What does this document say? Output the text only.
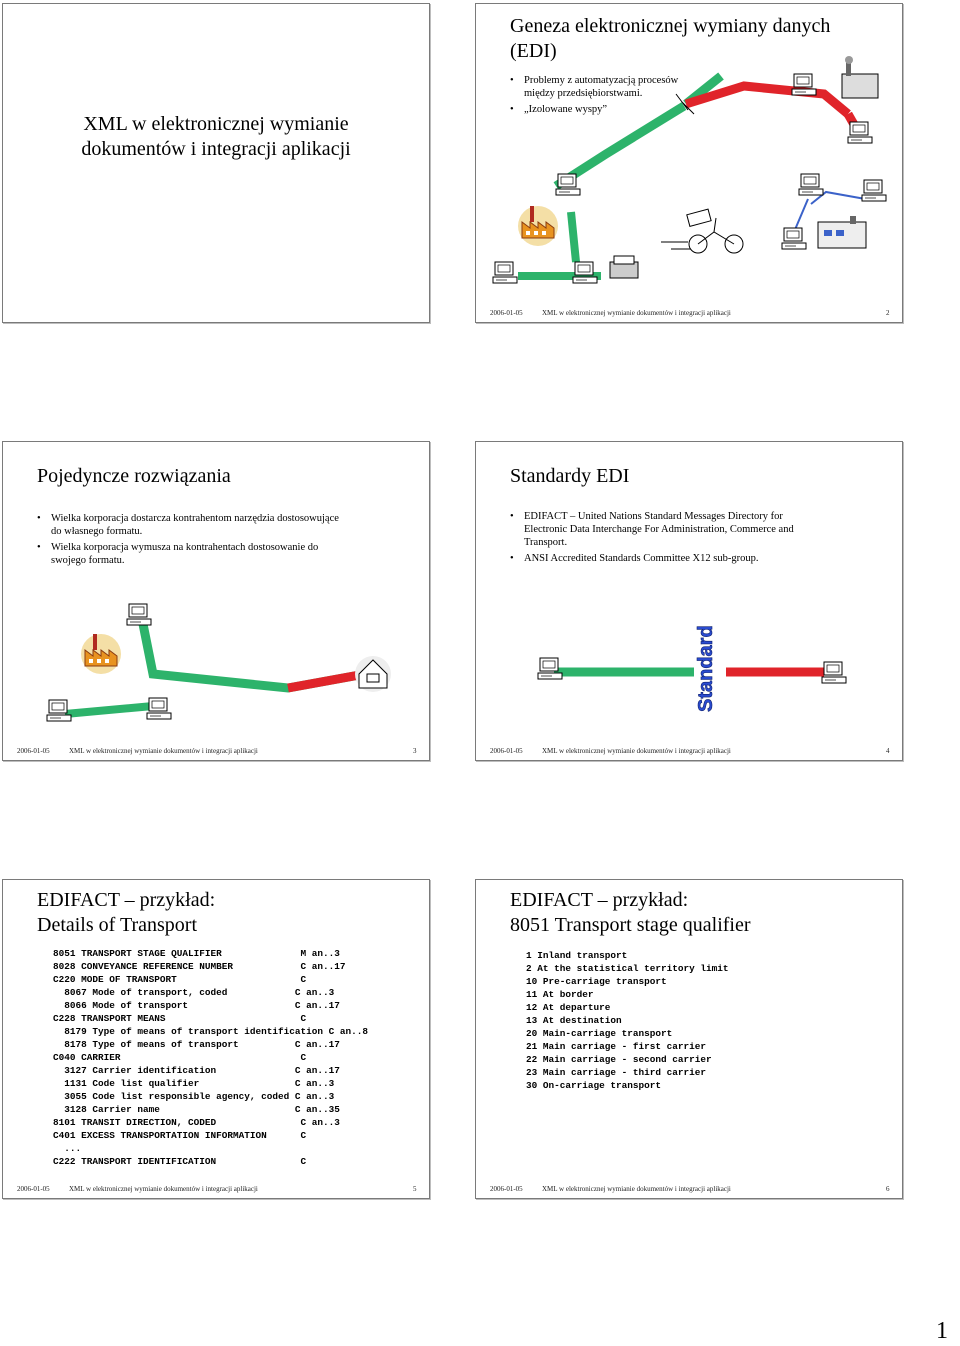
XML w elektronicznej wymianie
dokumentów i integracji aplikacji
Geneza elektronicznej wymiany danych
(EDI)
• Problemy z automatyzacją procesów
między przedsiębiorstwami.
• „Izolowane wyspy”
2006-01-05	XML w elektronicznej wymianie dokumentów i integracji aplikacji	2
Pojedyncze rozwiązania
• Wielka korporacja dostarcza kontrahentom narzędzia dostosowujące
do własnego formatu.
• Wielka korporacja wymusza na kontrahentach dostosowanie do
swojego formatu.
2006-01-05	XML w elektronicznej wymianie dokumentów i integracji aplikacji	3
Standard
Standardy EDI
• EDIFACT – United Nations Standard Messages Directory for
Electronic Data Interchange For Administration, Commerce and
Transport.
• ANSI Accredited Standards Committee X12 sub-group.
2006-01-05	XML w elektronicznej wymianie dokumentów i integracji aplikacji	4
EDIFACT – przykład:
Details of Transport
8051 TRANSPORT STAGE QUALIFIER              M an..3
8028 CONVEYANCE REFERENCE NUMBER            C an..17
C220 MODE OF TRANSPORT                      C
8067 Mode of transport, coded            C an..3
8066 Mode of transport                   C an..17
C228 TRANSPORT MEANS                        C
8179 Type of means of transport identification C an..8
8178 Type of means of transport          C an..17
C040 CARRIER                                C
3127 Carrier identification              C an..17
1131 Code list qualifier                 C an..3
3055 Code list responsible agency, coded C an..3
3128 Carrier name                        C an..35
8101 TRANSIT DIRECTION, CODED               C an..3
C401 EXCESS TRANSPORTATION INFORMATION      C
...
C222 TRANSPORT IDENTIFICATION               C
2006-01-05	XML w elektronicznej wymianie dokumentów i integracji aplikacji	5
EDIFACT – przykład:
8051 Transport stage qualifier
1 Inland transport
2 At the statistical territory limit
10 Pre-carriage transport
11 At border
12 At departure
13 At destination
20 Main-carriage transport
21 Main carriage - first carrier
22 Main carriage - second carrier
23 Main carriage - third carrier
30 On-carriage transport
2006-01-05	XML w elektronicznej wymianie dokumentów i integracji aplikacji	6
1
